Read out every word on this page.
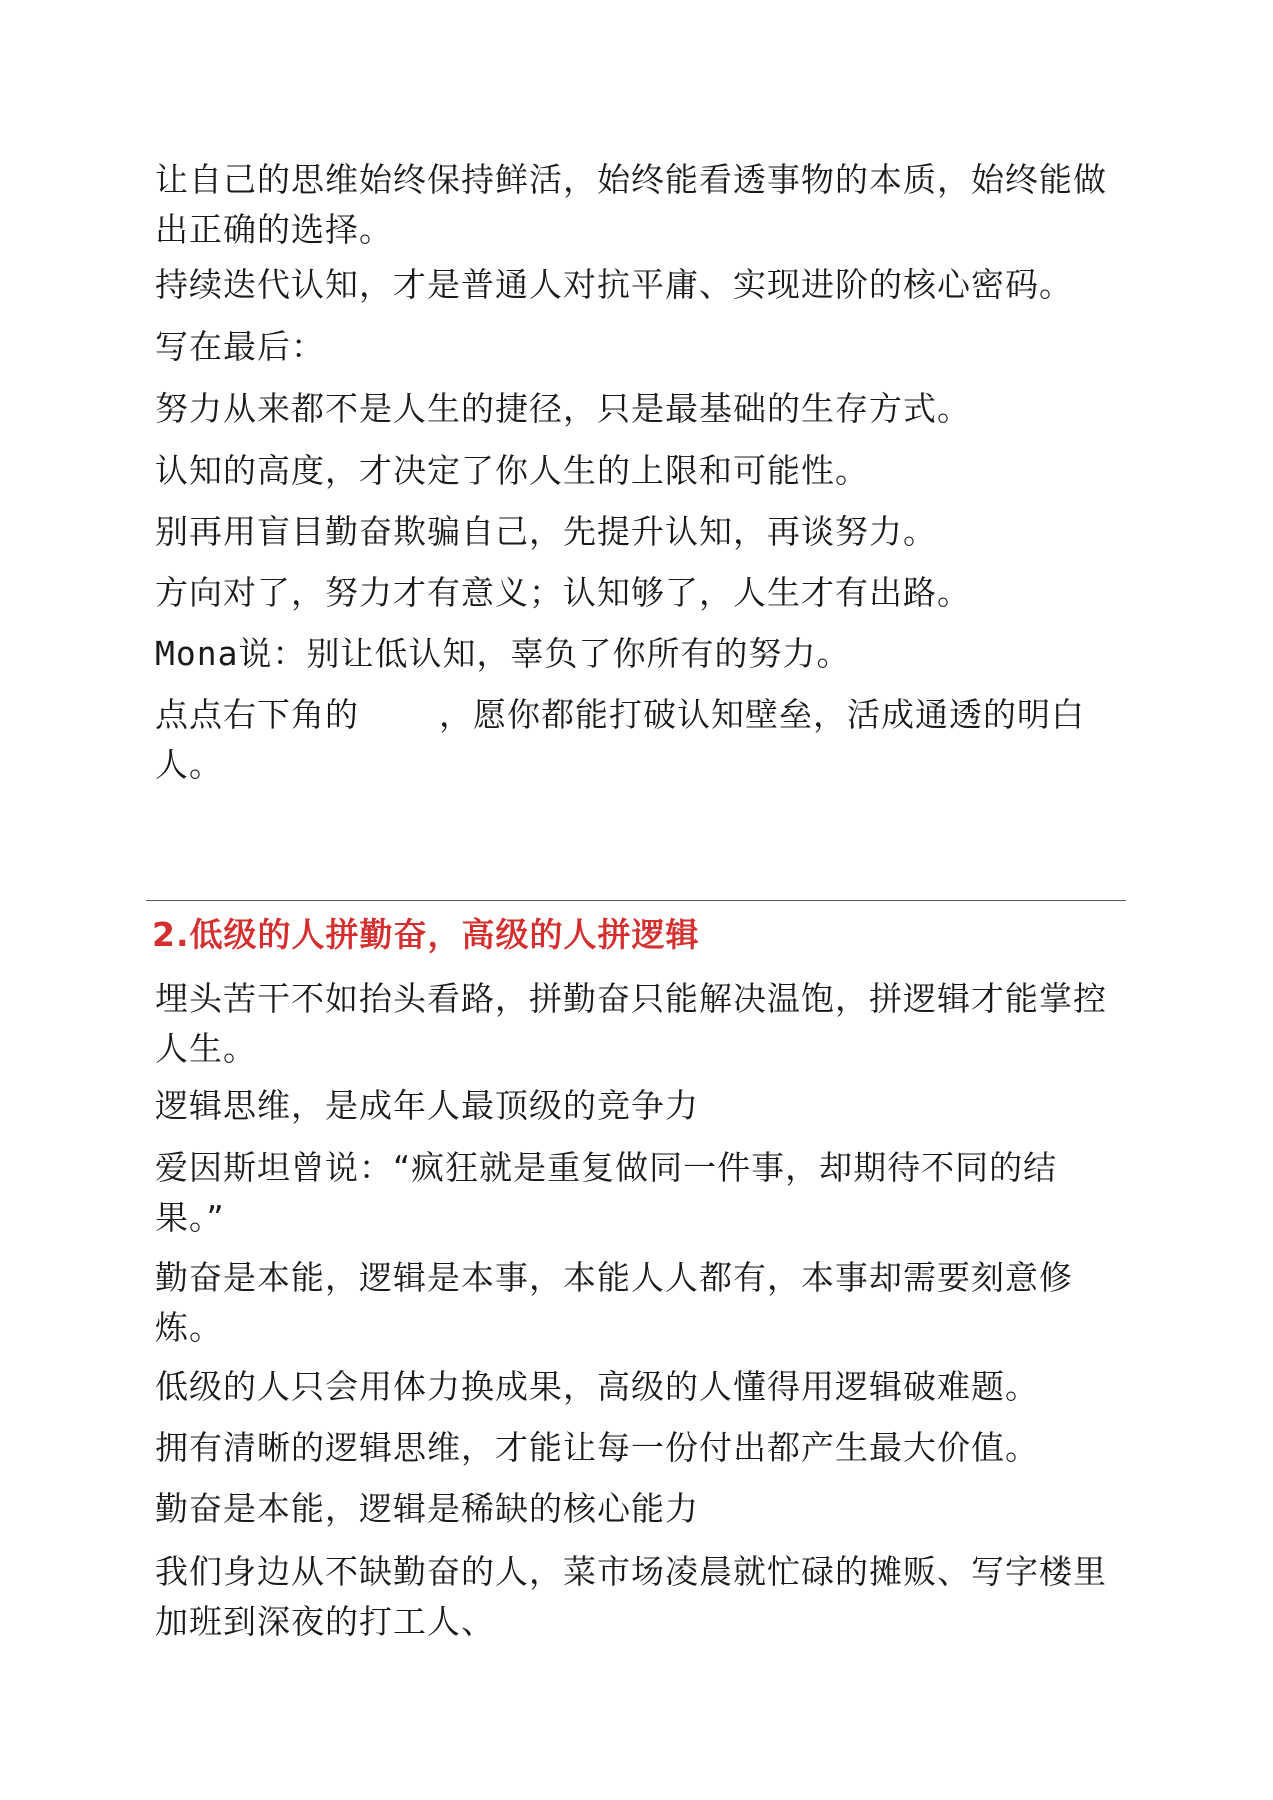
让自己的思维始终保持鲜活，始终能看透事物的本质，始终能做出正确的选择。

持续迭代认知，才是普通人对抗平庸、实现进阶的核心密码。

写在最后：

努力从来都不是人生的捷径，只是最基础的生存方式。

认知的高度，才决定了你人生的上限和可能性。

别再用盲目勤奋欺骗自己，先提升认知，再谈努力。

方向对了，努力才有意义；认知够了，人生才有出路。

Mona说：别让低认知，辜负了你所有的努力。

点点右下角的 ，愿你都能打破认知壁垒，活成通透的明白人。

2.低级的人拼勤奋，高级的人拼逻辑

埋头苦干不如抬头看路，拼勤奋只能解决温饱，拼逻辑才能掌控人生。

逻辑思维，是成年人最顶级的竞争力

爱因斯坦曾说：“疯狂就是重复做同一件事，却期待不同的结果。”

勤奋是本能，逻辑是本事，本能人人都有，本事却需要刻意修炼。

低级的人只会用体力换成果，高级的人懂得用逻辑破难题。

拥有清晰的逻辑思维，才能让每一份付出都产生最大价值。

勤奋是本能，逻辑是稀缺的核心能力

我们身边从不缺勤奋的人，菜市场凌晨就忙碌的摊贩、写字楼里加班到深夜的打工人、
